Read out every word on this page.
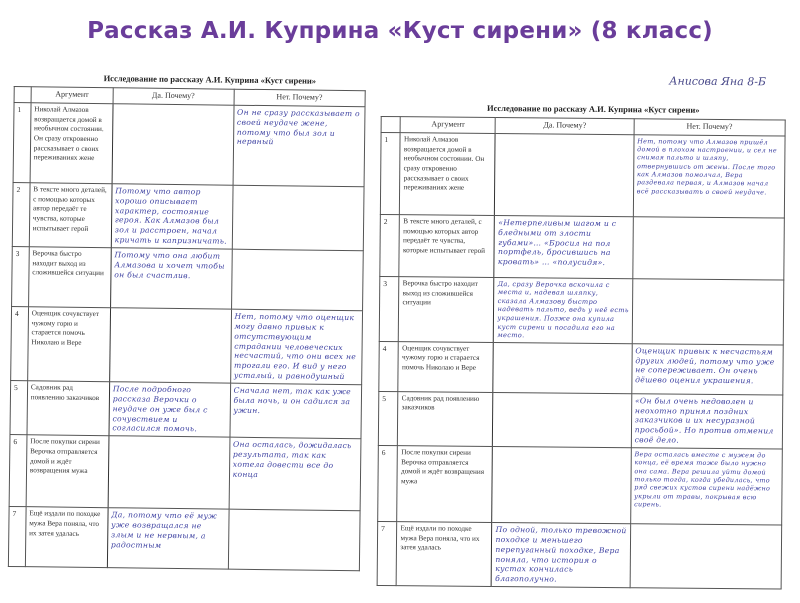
Рассказ А.И. Куприна «Куст сирени» (8 класс)
Исследование по рассказу А.И. Куприна «Куст сирени»
	Аргумент	Да. Почему?	Нет. Почему?
1	Николай Алмазов возвращается домой в необычном состоянии. Он сразу откровенно рассказывает о своих переживаниях жене		Он не сразу рассказывает о своей неудаче жене, потому что был зол и нервный
2	В тексте много деталей, с помощью которых автор передаёт те чувства, которые испытывает герой	Потому что автор хорошо описывает характер, состояние героя. Как Алмазов был зол и расстроен, начал кричать и капризничать.	
3	Верочка быстро находит выход из сложившейся ситуации	Потому что она любит Алмазова и хочет чтобы он был счастлив.	
4	Оценщик сочувствует чужому горю и старается помочь Николаю и Вере		Нет, потому что оценщик могу давно привык к отсутствующим страдании человеческих несчастий, что они всех не трогали его. И вид у него усталый, и равнодушный
5	Садовник рад появлению заказчиков	После подробного рассказа Верочки о неудаче он уже был с сочувствием и согласился помочь.	Сначала нет, так как уже была ночь, и он садился за ужин.
6	После покупки сирени Верочка отправляется домой и ждёт возвращения мужа		Она осталась, дожидалась результата, так как хотела довести все до конца
7	Ещё издали по походке мужа Вера поняла, что их затея удалась	Да, потому что её муж уже возвращался не злым и не нервным, а радостным	
Анисова Яна 8-Б
Исследование по рассказу А.И. Куприна «Куст сирени»
	Аргумент	Да. Почему?	Нет. Почему?
1	Николай Алмазов возвращается домой в необычном состоянии. Он сразу откровенно рассказывает о своих переживаниях жене		Нет, потому что Алмазов пришёл домой в плохом настроении, и сел не снимая пальто и шляпу, отвернувшись от жены. После того как Алмазов помолчал, Вера раздевала первая, и Алмазов начал всё рассказывать о своей неудаче.
2	В тексте много деталей, с помощью которых автор передаёт те чувства, которые испытывает герой	«Нетерпеливым шагом и с бледными от злости губами»… «Бросил на пол портфель, бросившись на кровать» … «полусидя».	
3	Верочка быстро находит выход из сложившейся ситуации	Да, сразу Верочка вскочила с места и, надевая шляпку, сказала Алмазову быстро надевать пальто, ведь у неё есть украшения. Позже она купила куст сирени и посадила его на место.	
4	Оценщик сочувствует чужому горю и старается помочь Николаю и Вере		Оценщик привык к несчастьям других людей, потому что уже не сопереживает. Он очень дёшево оценил украшения.
5	Садовник рад появлению заказчиков		«Он был очень недоволен и неохотно принял поздних заказчиков и их несуразной просьбой». Но против отменил своё дело.
6	После покупки сирени Верочка отправляется домой и ждёт возвращения мужа		Вера осталась вместе с мужем до конца, её время тоже было нужно она сама. Вера решила уйти домой только тогда, когда убедилась, что ряд свежих кустов сирени надёжно укрыли от травы, покрывая всю сирень.
7	Ещё издали по походке мужа Вера поняла, что их затея удалась	По одной, только тревожной походке и меньшего перепуганный походке, Вера поняла, что история о кустах кончилась благополучно.	
